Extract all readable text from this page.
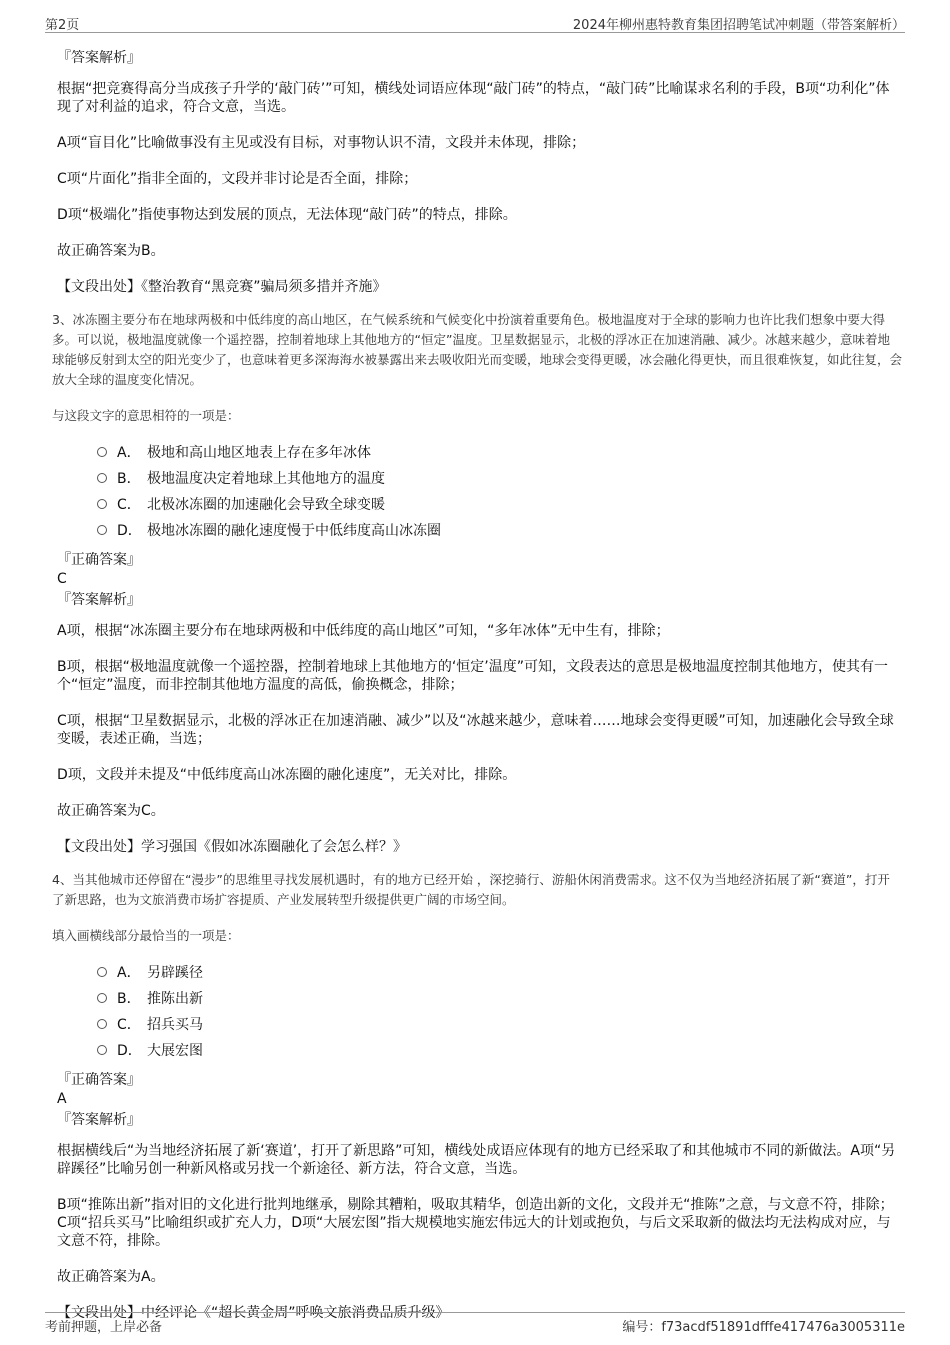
第2页	2024年柳州惠特教育集团招聘笔试冲刺题（带答案解析）
『答案解析』

根据“把竞赛得高分当成孩子升学的‘敲门砖’”可知，横线处词语应体现“敲门砖”的特点，“敲门砖”比喻谋求名利的手段，B项“功利化”体现了对利益的追求，符合文意，当选。

A项“盲目化”比喻做事没有主见或没有目标，对事物认识不清，文段并未体现，排除；

C项“片面化”指非全面的，文段并非讨论是否全面，排除；

D项“极端化”指使事物达到发展的顶点，无法体现“敲门砖”的特点，排除。

故正确答案为B。

【文段出处】《整治教育“黑竞赛”骗局须多措并齐施》

3、冰冻圈主要分布在地球两极和中低纬度的高山地区，在气候系统和气候变化中扮演着重要角色。极地温度对于全球的影响力也许比我们想象中要大得多。可以说，极地温度就像一个遥控器，控制着地球上其他地方的“恒定”温度。卫星数据显示，北极的浮冰正在加速消融、减少。冰越来越少，意味着地球能够反射到太空的阳光变少了，也意味着更多深海海水被暴露出来去吸收阳光而变暖，地球会变得更暖，冰会融化得更快，而且很难恢复，如此往复，会放大全球的温度变化情况。

与这段文字的意思相符的一项是：

A． 极地和高山地区地表上存在多年冰体
B． 极地温度决定着地球上其他地方的温度
C． 北极冰冻圈的加速融化会导致全球变暖
D． 极地冰冻圈的融化速度慢于中低纬度高山冰冻圈
『正确答案』
C
『答案解析』

A项，根据“冰冻圈主要分布在地球两极和中低纬度的高山地区”可知，“多年冰体”无中生有，排除；

B项，根据“极地温度就像一个遥控器，控制着地球上其他地方的‘恒定’温度”可知，文段表达的意思是极地温度控制其他地方，使其有一个“恒定”温度，而非控制其他地方温度的高低，偷换概念，排除；

C项，根据“卫星数据显示，北极的浮冰正在加速消融、减少”以及“冰越来越少，意味着……地球会变得更暖”可知，加速融化会导致全球变暖，表述正确，当选；

D项，文段并未提及“中低纬度高山冰冻圈的融化速度”，无关对比，排除。

故正确答案为C。

【文段出处】学习强国《假如冰冻圈融化了会怎么样？》

4、当其他城市还停留在“漫步”的思维里寻找发展机遇时，有的地方已经开始 ，深挖骑行、游船休闲消费需求。这不仅为当地经济拓展了新“赛道”，打开了新思路，也为文旅消费市场扩容提质、产业发展转型升级提供更广阔的市场空间。

填入画横线部分最恰当的一项是：

A． 另辟蹊径
B． 推陈出新
C． 招兵买马
D． 大展宏图
『正确答案』
A
『答案解析』

根据横线后“为当地经济拓展了新‘赛道’，打开了新思路”可知，横线处成语应体现有的地方已经采取了和其他城市不同的新做法。A项“另辟蹊径”比喻另创一种新风格或另找一个新途径、新方法，符合文意，当选。

B项“推陈出新”指对旧的文化进行批判地继承，剔除其糟粕，吸取其精华，创造出新的文化，文段并无“推陈”之意，与文意不符，排除；C项“招兵买马”比喻组织或扩充人力，D项“大展宏图”指大规模地实施宏伟远大的计划或抱负，与后文采取新的做法均无法构成对应，与文意不符，排除。

故正确答案为A。

【文段出处】中经评论《“超长黄金周”呼唤文旅消费品质升级》

考前押题，上岸必备	编号：f73acdf51891dfffe417476a3005311e
